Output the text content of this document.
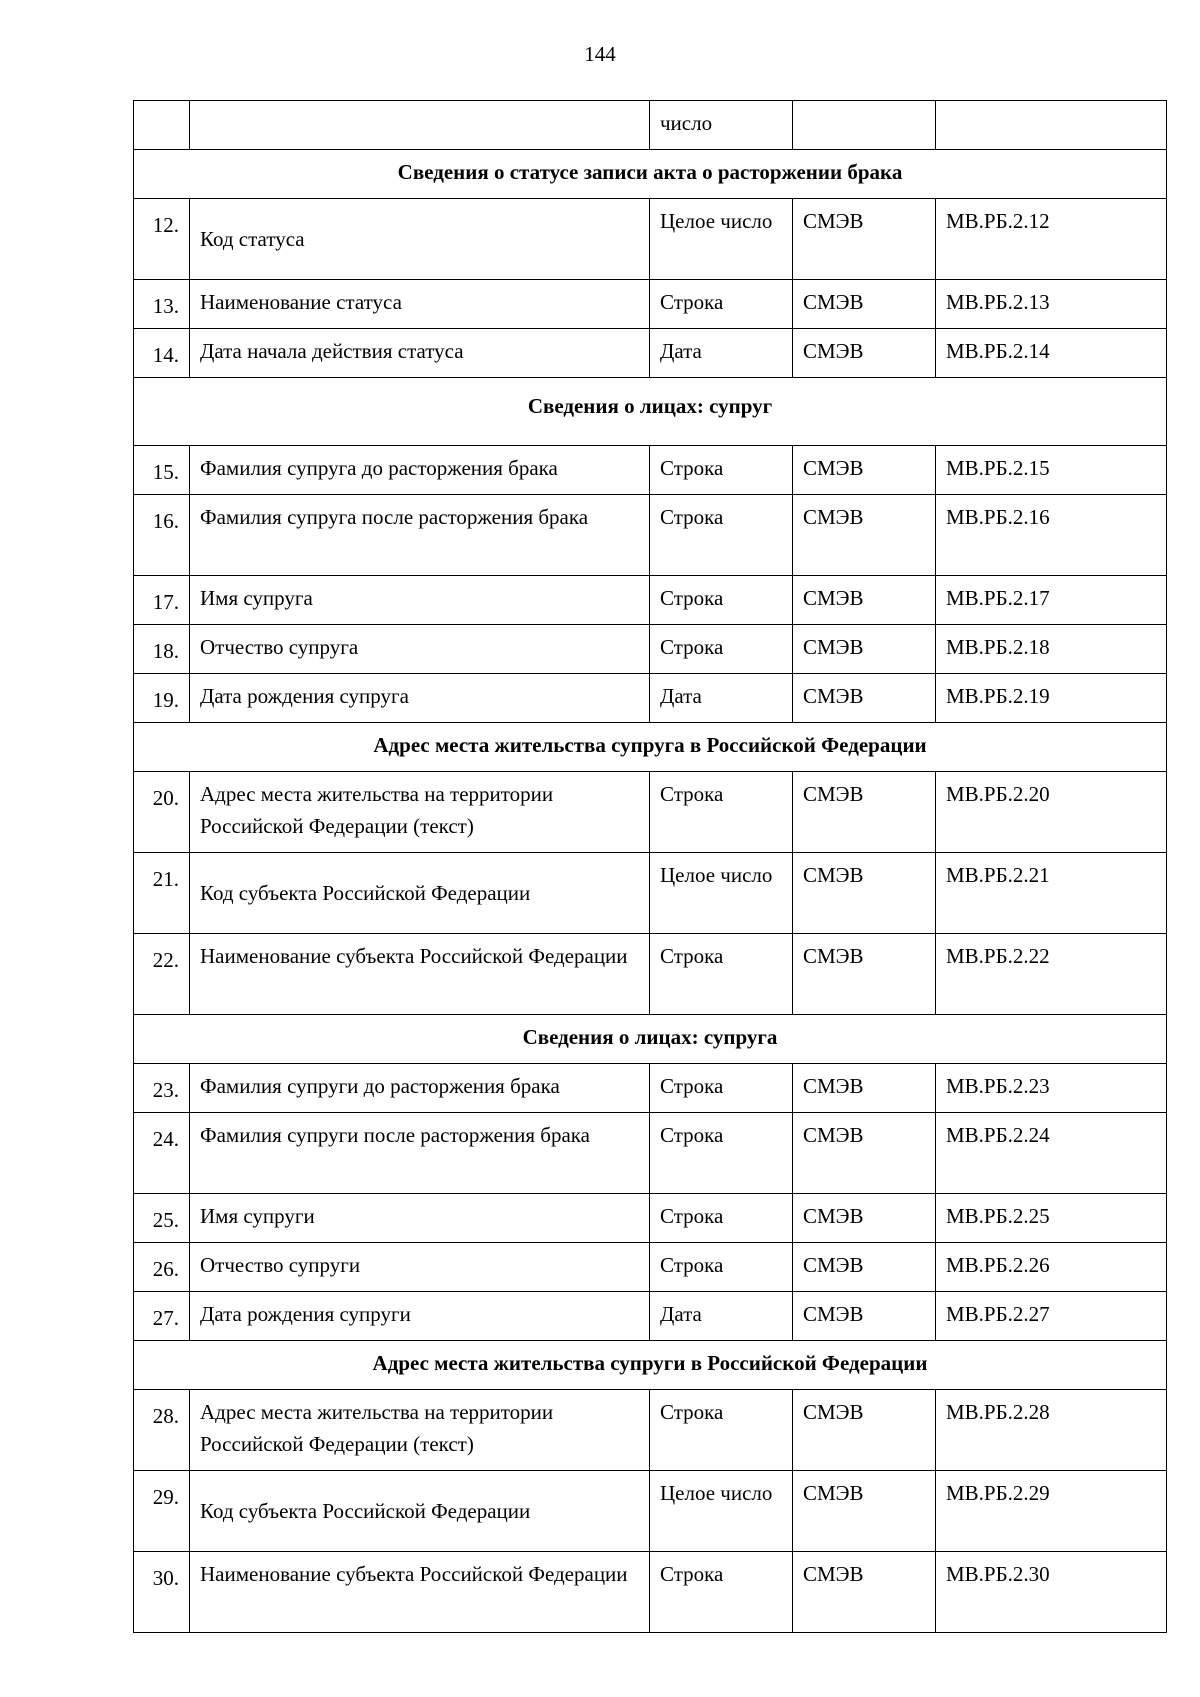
144
		число		
Сведения о статусе записи акта о расторжении брака				
12.	Код статуса	Целое число	СМЭВ	МВ.РБ.2.12
13.	Наименование статуса	Строка	СМЭВ	МВ.РБ.2.13
14.	Дата начала действия статуса	Дата	СМЭВ	МВ.РБ.2.14
Сведения о лицах: супруг				
15.	Фамилия супруга до расторжения брака	Строка	СМЭВ	МВ.РБ.2.15
16.	Фамилия супруга после расторжения брака	Строка	СМЭВ	МВ.РБ.2.16
17.	Имя супруга	Строка	СМЭВ	МВ.РБ.2.17
18.	Отчество супруга	Строка	СМЭВ	МВ.РБ.2.18
19.	Дата рождения супруга	Дата	СМЭВ	МВ.РБ.2.19
Адрес места жительства супруга в Российской Федерации				
20.	Адрес места жительства на территории Российской Федерации (текст)	Строка	СМЭВ	МВ.РБ.2.20
21.	Код субъекта Российской Федерации	Целое число	СМЭВ	МВ.РБ.2.21
22.	Наименование субъекта Российской Федерации	Строка	СМЭВ	МВ.РБ.2.22
Сведения о лицах: супруга				
23.	Фамилия супруги до расторжения брака	Строка	СМЭВ	МВ.РБ.2.23
24.	Фамилия супруги после расторжения брака	Строка	СМЭВ	МВ.РБ.2.24
25.	Имя супруги	Строка	СМЭВ	МВ.РБ.2.25
26.	Отчество супруги	Строка	СМЭВ	МВ.РБ.2.26
27.	Дата рождения супруги	Дата	СМЭВ	МВ.РБ.2.27
Адрес места жительства супруги в Российской Федерации				
28.	Адрес места жительства на территории Российской Федерации (текст)	Строка	СМЭВ	МВ.РБ.2.28
29.	Код субъекта Российской Федерации	Целое число	СМЭВ	МВ.РБ.2.29
30.	Наименование субъекта Российской Федерации	Строка	СМЭВ	МВ.РБ.2.30
